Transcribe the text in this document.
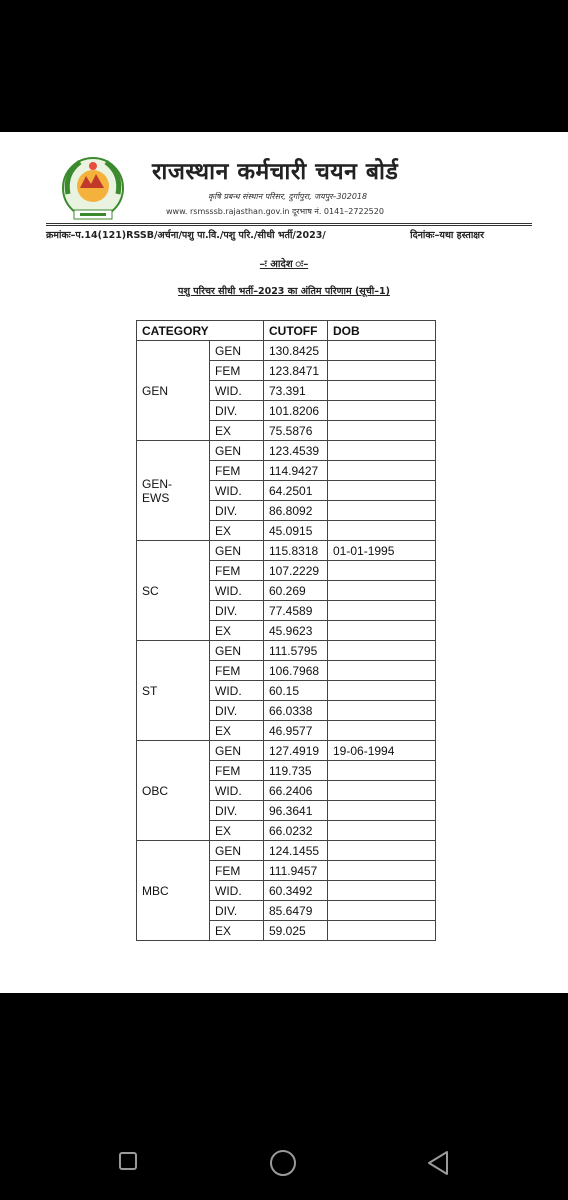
राजस्थान कर्मचारी चयन बोर्ड
कृषि प्रबन्ध संस्थान परिसर, दुर्गापुरा, जयपुर–302018
www. rsmsssb.rajasthan.gov.in दूरभाष नं. 0141–2722520
क्रमांकः–प.14(121)RSSB/अर्चना/पशु पा.वि./पशु परि./सीधी भर्ती/2023/	दिनांकः–यथा हस्ताक्षर
–ः आदेश ः–
पशु परिचर सीधी भर्ती–2023 का अंतिम परिणाम (सूची–1)
CATEGORY		CUTOFF	DOB
GEN	GEN	130.8425	
	FEM	123.8471	
	WID.	73.391	
	DIV.	101.8206	
	EX	75.5876	
GEN-
EWS	GEN	123.4539	
	FEM	114.9427	
	WID.	64.2501	
	DIV.	86.8092	
	EX	45.0915	
SC	GEN	115.8318	01-01-1995
	FEM	107.2229	
	WID.	60.269	
	DIV.	77.4589	
	EX	45.9623	
ST	GEN	111.5795	
	FEM	106.7968	
	WID.	60.15	
	DIV.	66.0338	
	EX	46.9577	
OBC	GEN	127.4919	19-06-1994
	FEM	119.735	
	WID.	66.2406	
	DIV.	96.3641	
	EX	66.0232	
MBC	GEN	124.1455	
	FEM	111.9457	
	WID.	60.3492	
	DIV.	85.6479	
	EX	59.025	
